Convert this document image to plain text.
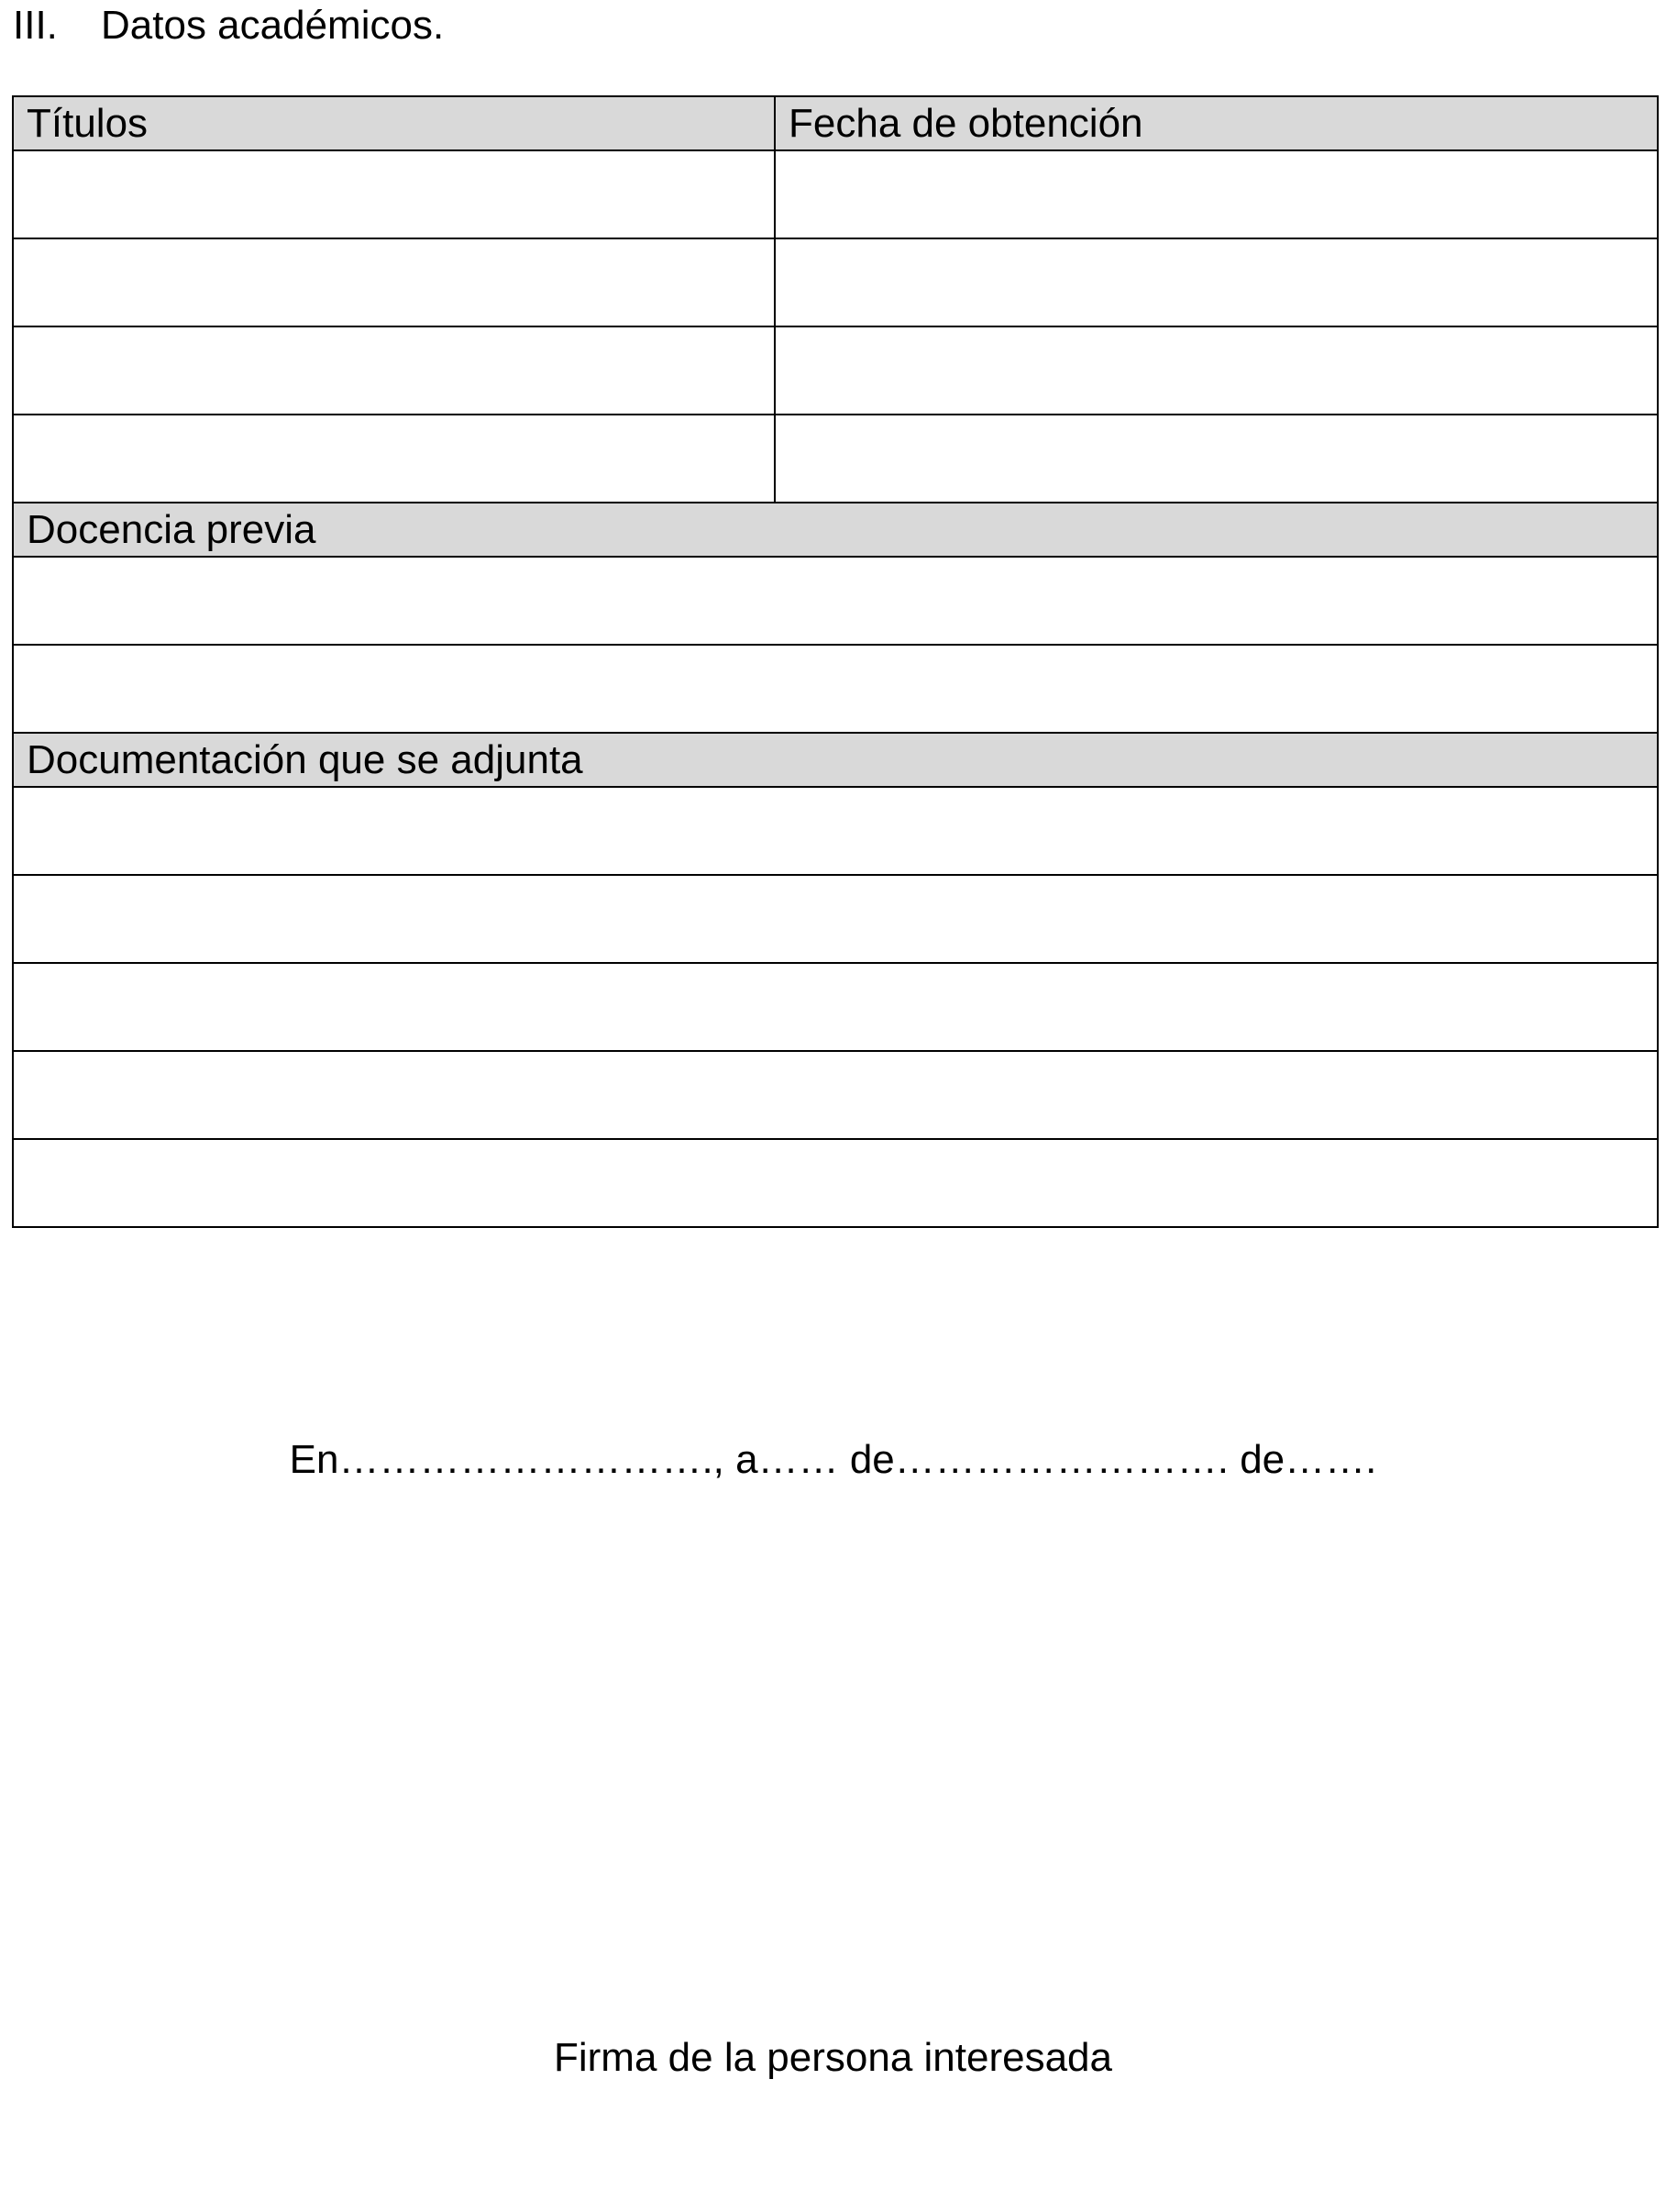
III. Datos académicos.
Títulos	Fecha de obtención

Docencia previa	

Documentación que se adjunta	

En………………………., a…… de……………………. de…….
Firma de la persona interesada
